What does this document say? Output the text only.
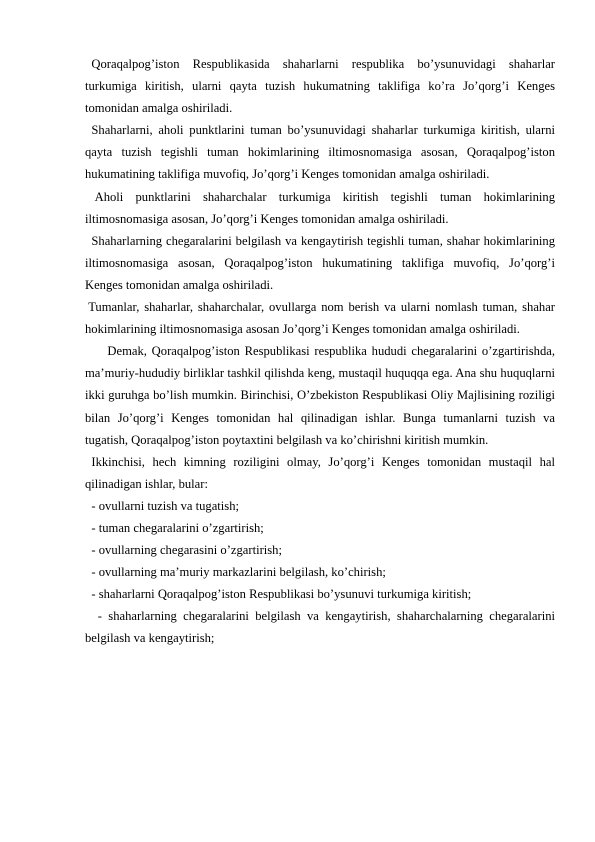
Qoraqalpog’iston Respublikasida shaharlarni respublika bo’ysunuvidagi shaharlar turkumiga kiritish, ularni qayta tuzish hukumatning taklifiga ko’ra Jo’qorg’i Kenges tomonidan amalga oshiriladi.

Shaharlarni, aholi punktlarini tuman bo’ysunuvidagi shaharlar turkumiga kiritish, ularni qayta tuzish tegishli tuman hokimlarining iltimosnomasiga asosan, Qoraqalpog’iston hukumatining taklifiga muvofiq, Jo’qorg’i Kenges tomonidan amalga oshiriladi.

Aholi punktlarini shaharchalar turkumiga kiritish tegishli tuman hokimlarining iltimosnomasiga asosan, Jo’qorg’i Kenges tomonidan amalga oshiriladi.

Shaharlarning chegaralarini belgilash va kengaytirish tegishli tuman, shahar hokimlarining iltimosnomasiga asosan, Qoraqalpog’iston hukumatining taklifiga muvofiq, Jo’qorg’i Kenges tomonidan amalga oshiriladi.

Tumanlar, shaharlar, shaharchalar, ovullarga nom berish va ularni nomlash tuman, shahar hokimlarining iltimosnomasiga asosan Jo’qorg’i Kenges tomonidan amalga oshiriladi.

Demak, Qoraqalpog’iston Respublikasi respublika hududi chegaralarini o’zgartirishda, ma’muriy-hududiy birliklar tashkil qilishda keng, mustaqil huquqqa ega. Ana shu huquqlarni ikki guruhga bo’lish mumkin. Birinchisi, O’zbekiston Respublikasi Oliy Majlisining roziligi bilan Jo’qorg’i Kenges tomonidan hal qilinadigan ishlar. Bunga tumanlarni tuzish va tugatish, Qoraqalpog’iston poytaxtini belgilash va ko’chirishni kiritish mumkin.

Ikkinchisi, hech kimning roziligini olmay, Jo’qorg’i Kenges tomonidan mustaqil hal qilinadigan ishlar, bular:

- ovullarni tuzish va tugatish;

- tuman chegaralarini o’zgartirish;

- ovullarning chegarasini o’zgartirish;

- ovullarning ma’muriy markazlarini belgilash, ko’chirish;

- shaharlarni Qoraqalpog’iston Respublikasi bo’ysunuvi turkumiga kiritish;

- shaharlarning chegaralarini belgilash va kengaytirish, shaharchalarning chegaralarini belgilash va kengaytirish;
